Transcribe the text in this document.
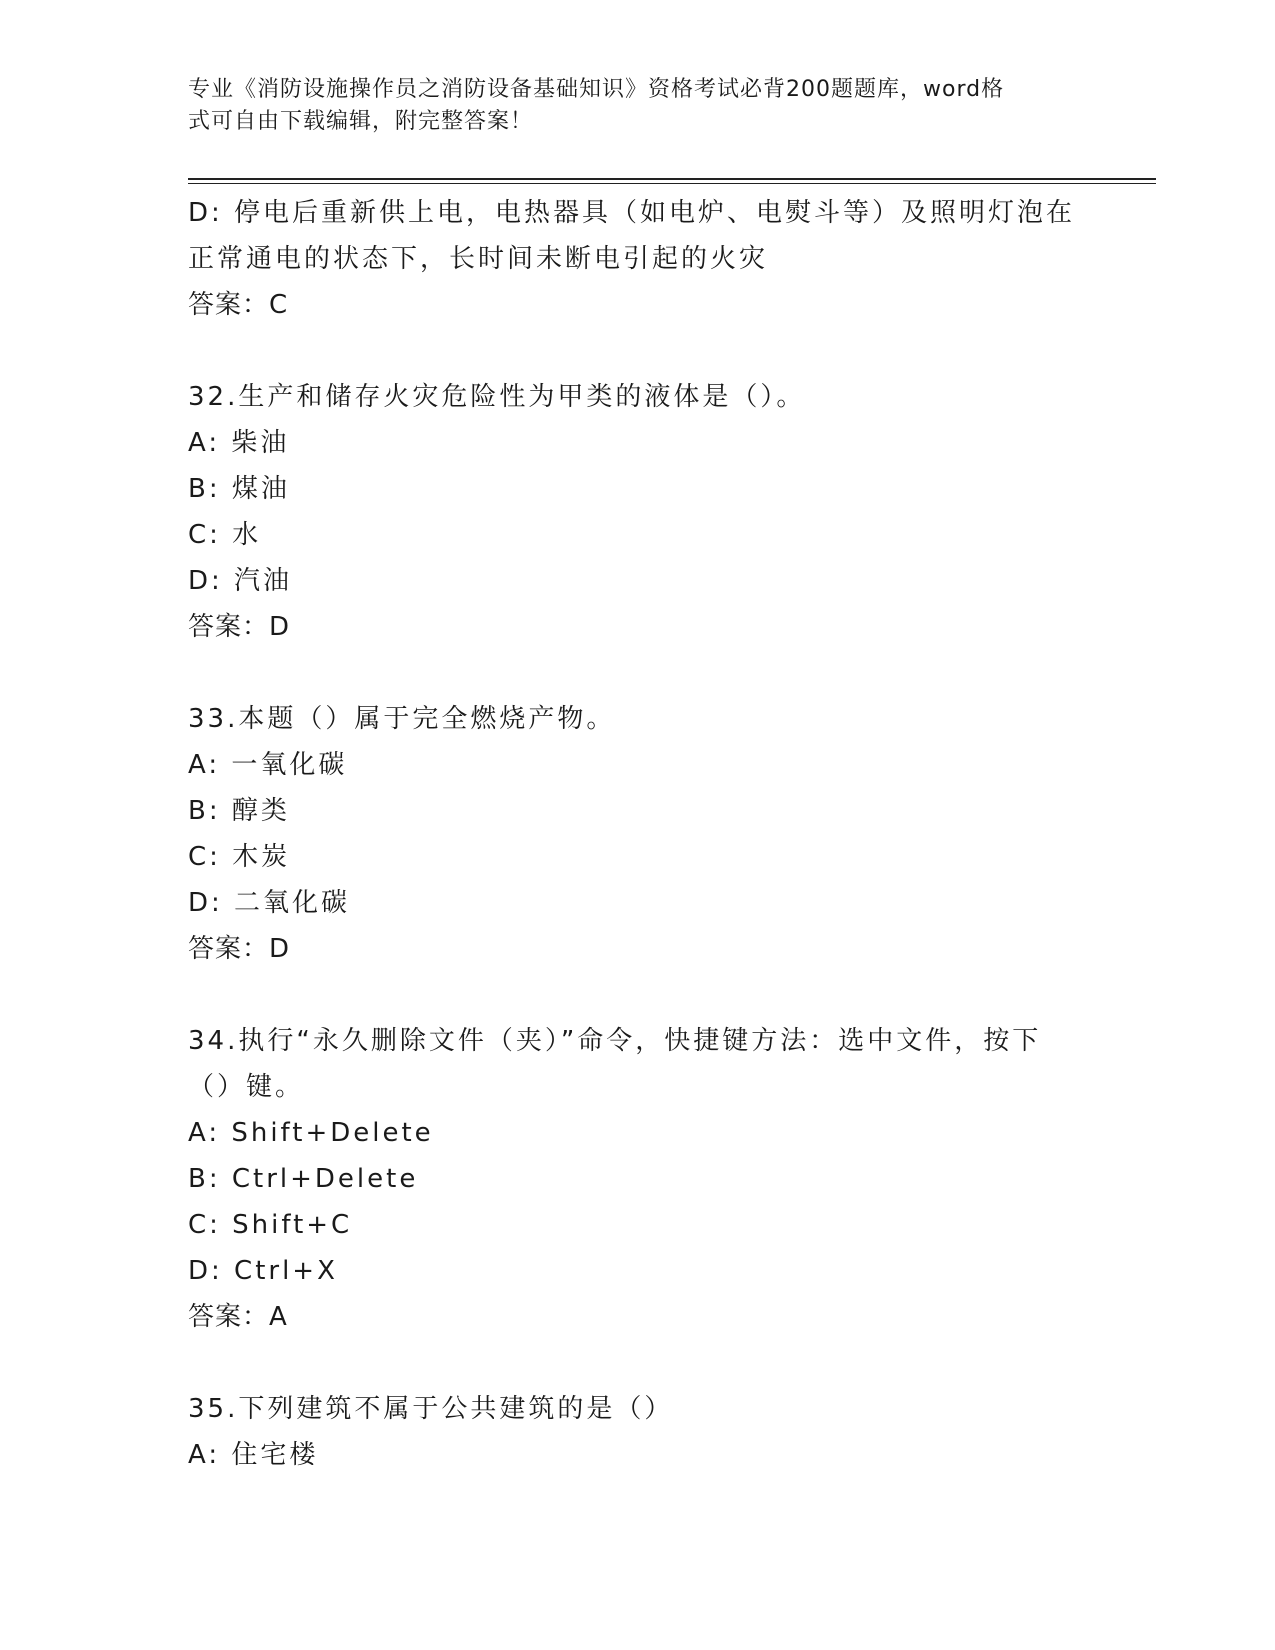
专业《消防设施操作员之消防设备基础知识》资格考试必背200题题库，word格
式可自由下载编辑，附完整答案！
D: 停电后重新供上电，电热器具（如电炉、电熨斗等）及照明灯泡在
正常通电的状态下，长时间未断电引起的火灾
答案：C
32.生产和储存火灾危险性为甲类的液体是（）。
A: 柴油
B: 煤油
C: 水
D: 汽油
答案：D
33.本题（）属于完全燃烧产物。
A: 一氧化碳
B: 醇类
C: 木炭
D: 二氧化碳
答案：D
34.执行“永久删除文件（夹）”命令，快捷键方法：选中文件，按下
（）键。
A: Shift+Delete
B: Ctrl+Delete
C: Shift+C
D: Ctrl+X
答案：A
35.下列建筑不属于公共建筑的是（）
A: 住宅楼
